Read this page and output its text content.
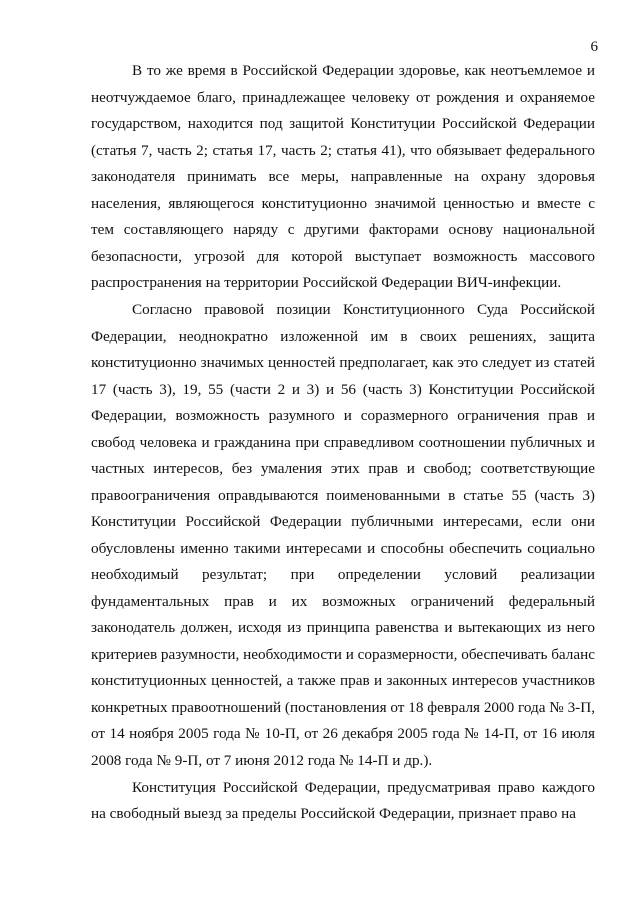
6

В то же время в Российской Федерации здоровье, как неотъемлемое и неотчуждаемое благо, принадлежащее человеку от рождения и охраняемое государством, находится под защитой Конституции Российской Федерации (статья 7, часть 2; статья 17, часть 2; статья 41), что обязывает федерального законодателя принимать все меры, направленные на охрану здоровья населения, являющегося конституционно значимой ценностью и вместе с тем составляющего наряду с другими факторами основу национальной безопасности, угрозой для которой выступает возможность массового распространения на территории Российской Федерации ВИЧ-инфекции.

Согласно правовой позиции Конституционного Суда Российской Федерации, неоднократно изложенной им в своих решениях, защита конституционно значимых ценностей предполагает, как это следует из статей 17 (часть 3), 19, 55 (части 2 и 3) и 56 (часть 3) Конституции Российской Федерации, возможность разумного и соразмерного ограничения прав и свобод человека и гражданина при справедливом соотношении публичных и частных интересов, без умаления этих прав и свобод; соответствующие правоограничения оправдываются поименованными в статье 55 (часть 3) Конституции Российской Федерации публичными интересами, если они обусловлены именно такими интересами и способны обеспечить социально необходимый результат; при определении условий реализации фундаментальных прав и их возможных ограничений федеральный законодатель должен, исходя из принципа равенства и вытекающих из него критериев разумности, необходимости и соразмерности, обеспечивать баланс конституционных ценностей, а также прав и законных интересов участников конкретных правоотношений (постановления от 18 февраля 2000 года № 3-П, от 14 ноября 2005 года № 10-П, от 26 декабря 2005 года № 14-П, от 16 июля 2008 года № 9-П, от 7 июня 2012 года № 14-П и др.).

Конституция Российской Федерации, предусматривая право каждого на свободный выезд за пределы Российской Федерации, признает право на
